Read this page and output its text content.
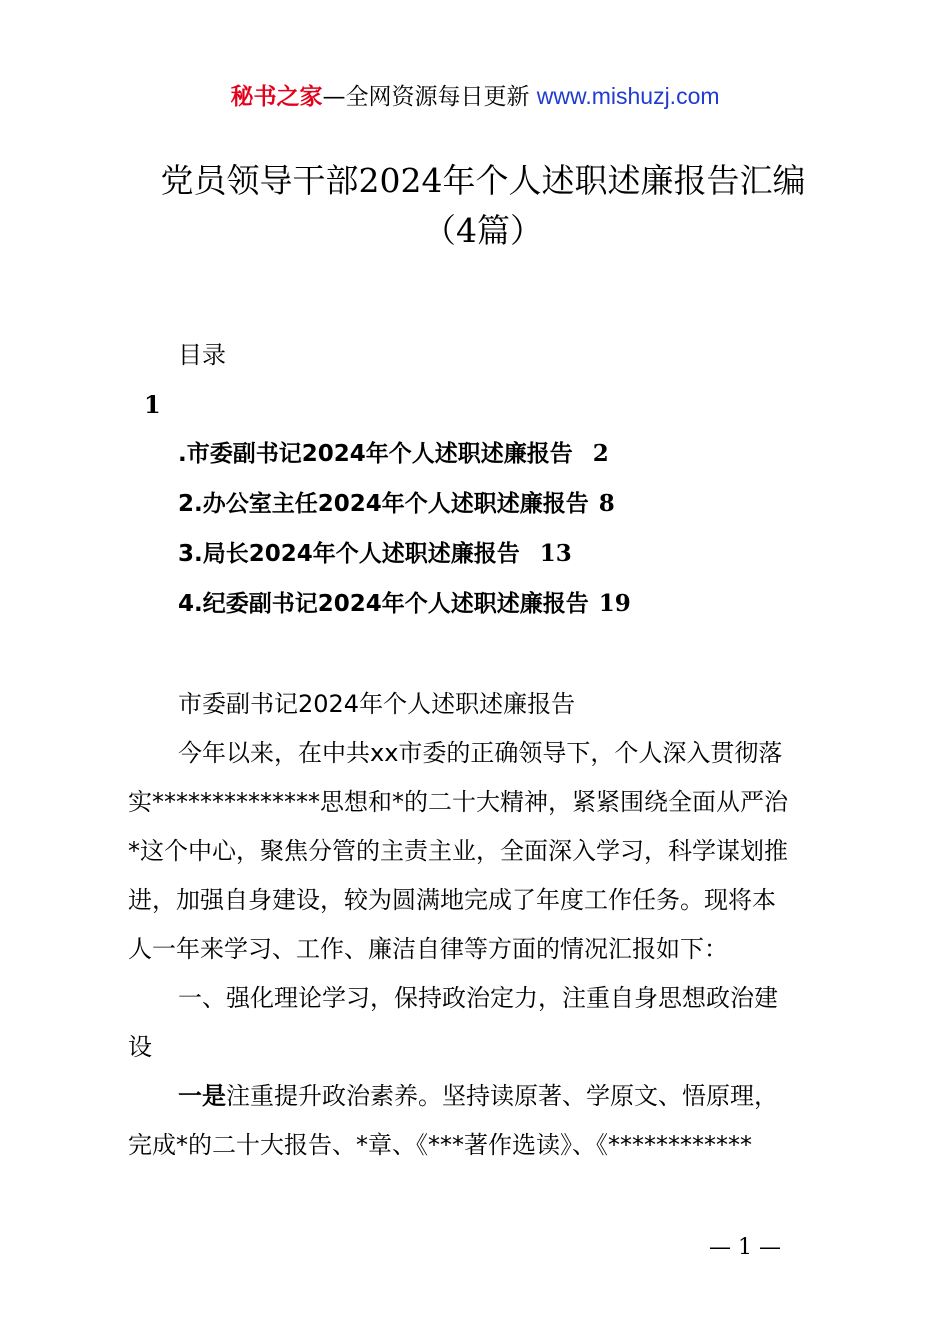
秘书之家—全网资源每日更新 www.mishuzj.com
党员领导干部2024年个人述职述廉报告汇编
（4篇）
目录
1
.市委副书记2024年个人述职述廉报告 2
2.办公室主任2024年个人述职述廉报告 8
3.局长2024年个人述职述廉报告 13
4.纪委副书记2024年个人述职述廉报告 19
市委副书记2024年个人述职述廉报告
今年以来，在中共xx市委的正确领导下，个人深入贯彻落
实**************思想和*的二十大精神，紧紧围绕全面从严治
*这个中心，聚焦分管的主责主业，全面深入学习，科学谋划推
进，加强自身建设，较为圆满地完成了年度工作任务。现将本
人一年来学习、工作、廉洁自律等方面的情况汇报如下：
一、强化理论学习，保持政治定力，注重自身思想政治建
设
一是注重提升政治素养。坚持读原著、学原文、悟原理，
完成*的二十大报告、*章、《***著作选读》、《************
— 1 —
